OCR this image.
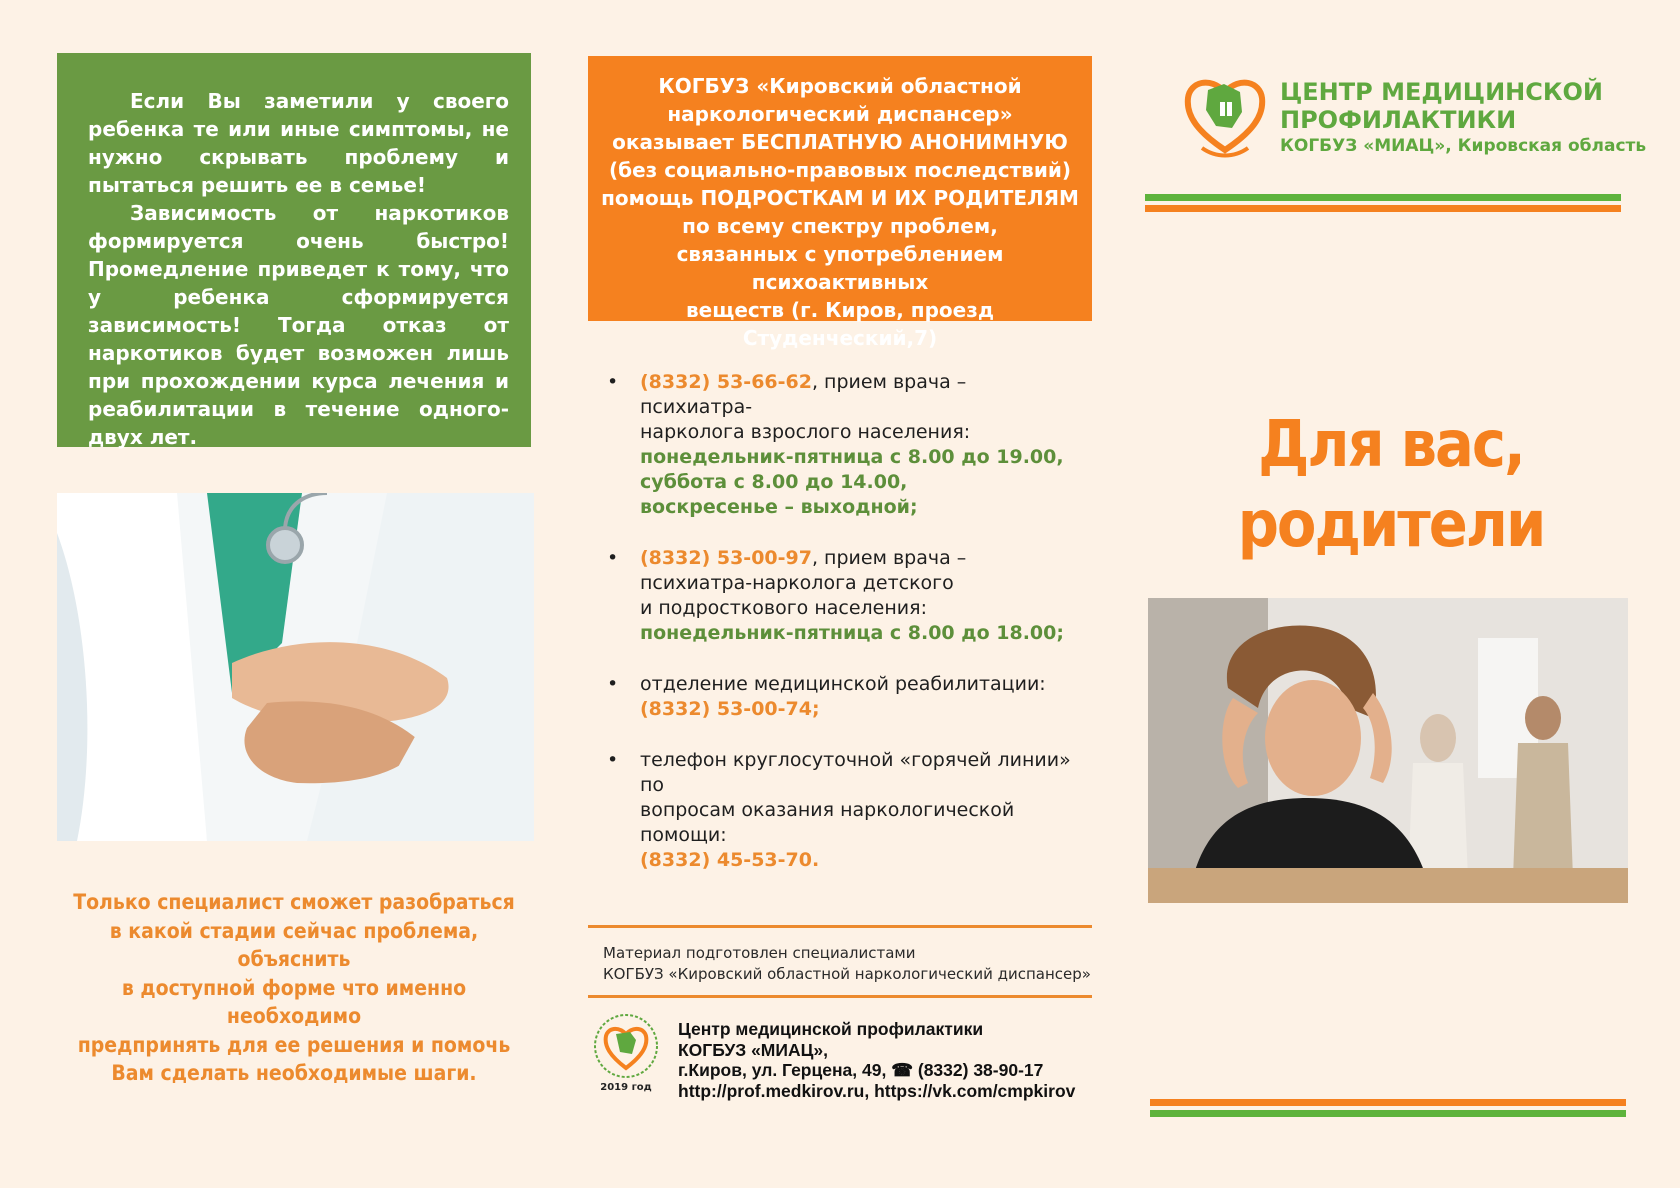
Если Вы заметили у своего ребенка те или иные симптомы, не нужно скрывать проблему и пытаться решить ее в семье!

Зависимость от наркотиков формируется очень быстро! Промедление приведет к тому, что у ребенка сформируется зависимость! Тогда отказ от наркотиков будет возможен лишь при прохождении курса лечения и реабилитации в течение одного-двух лет.

Только специалист сможет разобраться
в какой стадии сейчас проблема, объяснить
в доступной форме что именно необходимо
предпринять для ее решения и помочь
Вам сделать необходимые шаги.
КОГБУЗ «Кировский областной
наркологический диспансер»
оказывает БЕСПЛАТНУЮ АНОНИМНУЮ
(без социально-правовых последствий)
помощь ПОДРОСТКАМ И ИХ РОДИТЕЛЯМ
по всему спектру проблем,
связанных с употреблением психоактивных
веществ (г. Киров, проезд Студенческий,7)
• (8332) 53-66-62, прием врача – психиатра-
нарколога взрослого населения:
понедельник-пятница с 8.00 до 19.00,
суббота с 8.00 до 14.00,
воскресенье – выходной;
• (8332) 53-00-97, прием врача –
психиатра-нарколога детского
и подросткового населения:
понедельник-пятница с 8.00 до 18.00;
• отделение медицинской реабилитации:
(8332) 53-00-74;
• телефон круглосуточной «горячей линии» по
вопросам оказания наркологической помощи:
(8332) 45-53-70.
Материал подготовлен специалистами
КОГБУЗ «Кировский областной наркологический диспансер»
2019 год
Центр медицинской профилактики
КОГБУЗ «МИАЦ»,
г.Киров, ул. Герцена, 49, ☎ (8332) 38-90-17
http://prof.medkirov.ru, https://vk.com/cmpkirov
ЦЕНТР МЕДИЦИНСКОЙ
ПРОФИЛАКТИКИ
КОГБУЗ «МИАЦ», Кировская область
Для вас,
родители
